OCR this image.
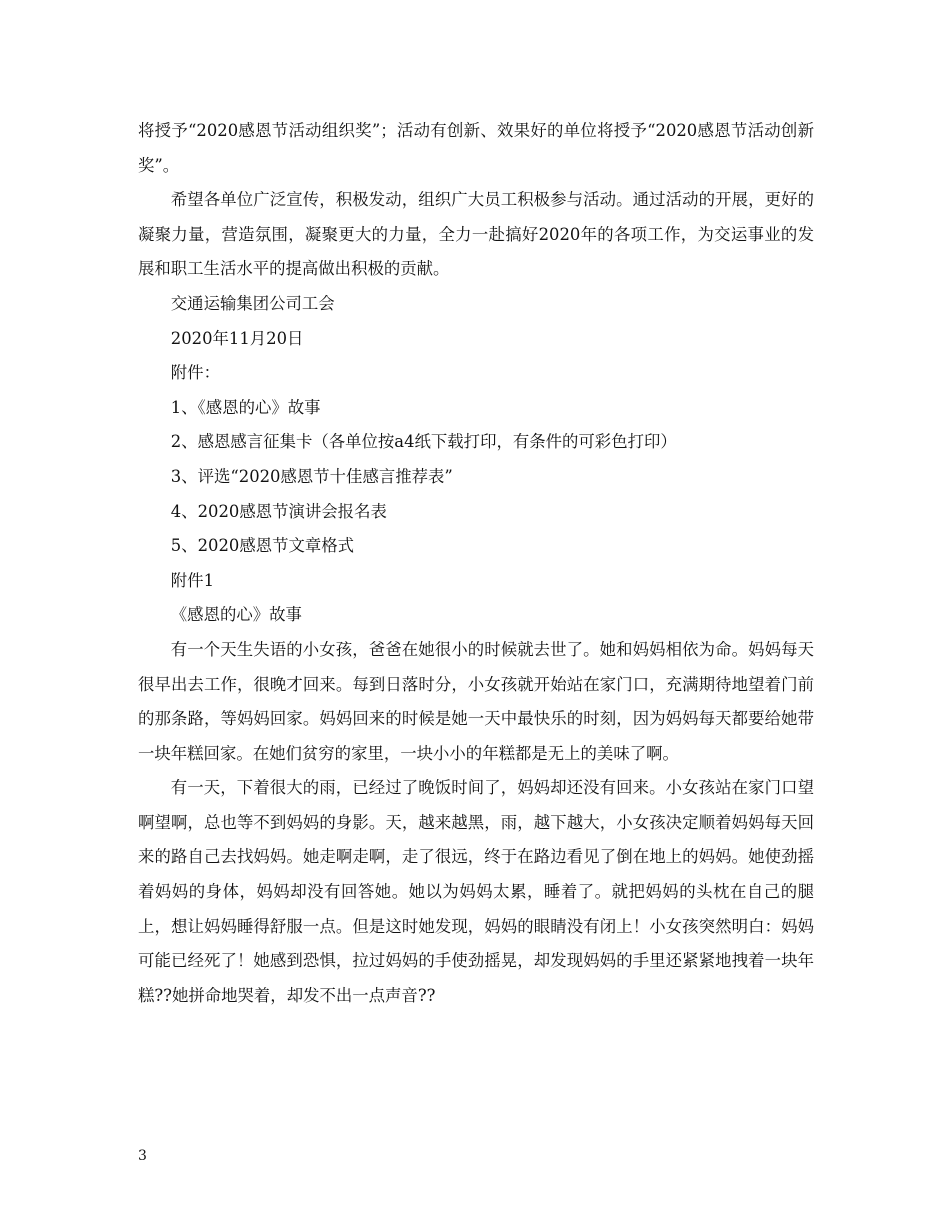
将授予“2020感恩节活动组织奖”；活动有创新、效果好的单位将授予“2020感恩节活动创新奖”。

希望各单位广泛宣传，积极发动，组织广大员工积极参与活动。通过活动的开展，更好的凝聚力量，营造氛围，凝聚更大的力量，全力一赴搞好2020年的各项工作，为交运事业的发展和职工生活水平的提高做出积极的贡献。

交通运输集团公司工会

2020年11月20日

附件：

1、《感恩的心》故事

2、感恩感言征集卡（各单位按a4纸下载打印，有条件的可彩色打印）

3、评选“2020感恩节十佳感言推荐表”

4、2020感恩节演讲会报名表

5、2020感恩节文章格式

附件1

《感恩的心》故事

有一个天生失语的小女孩，爸爸在她很小的时候就去世了。她和妈妈相依为命。妈妈每天很早出去工作，很晚才回来。每到日落时分，小女孩就开始站在家门口，充满期待地望着门前的那条路，等妈妈回家。妈妈回来的时候是她一天中最快乐的时刻，因为妈妈每天都要给她带一块年糕回家。在她们贫穷的家里，一块小小的年糕都是无上的美味了啊。

有一天，下着很大的雨，已经过了晚饭时间了，妈妈却还没有回来。小女孩站在家门口望啊望啊，总也等不到妈妈的身影。天，越来越黑，雨，越下越大，小女孩决定顺着妈妈每天回来的路自己去找妈妈。她走啊走啊，走了很远，终于在路边看见了倒在地上的妈妈。她使劲摇着妈妈的身体，妈妈却没有回答她。她以为妈妈太累，睡着了。就把妈妈的头枕在自己的腿上，想让妈妈睡得舒服一点。但是这时她发现，妈妈的眼睛没有闭上！小女孩突然明白：妈妈可能已经死了！她感到恐惧，拉过妈妈的手使劲摇晃，却发现妈妈的手里还紧紧地拽着一块年糕??她拼命地哭着，却发不出一点声音??

3
